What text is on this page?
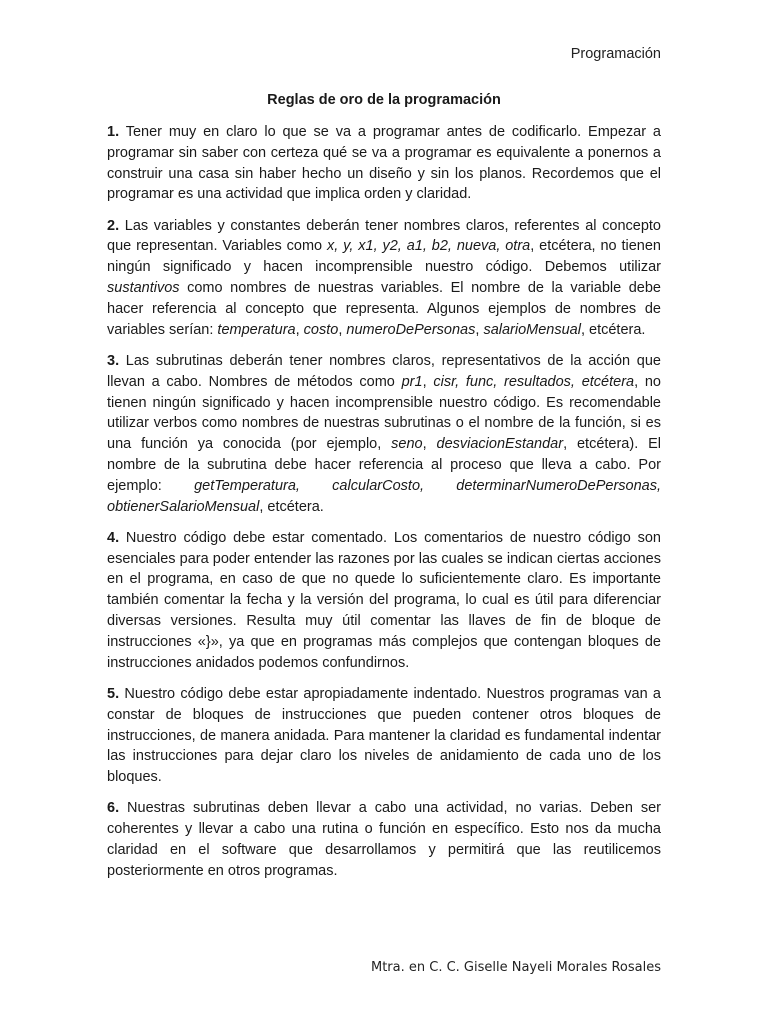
Programación
Reglas de oro de la programación

1. Tener muy en claro lo que se va a programar antes de codificarlo. Empezar a programar sin saber con certeza qué se va a programar es equivalente a ponernos a construir una casa sin haber hecho un diseño y sin los planos. Recordemos que el programar es una actividad que implica orden y claridad.

2. Las variables y constantes deberán tener nombres claros, referentes al concepto que representan. Variables como x, y, x1, y2, a1, b2, nueva, otra, etcétera, no tienen ningún significado y hacen incomprensible nuestro código. Debemos utilizar sustantivos como nombres de nuestras variables. El nombre de la variable debe hacer referencia al concepto que representa. Algunos ejemplos de nombres de variables serían: temperatura, costo, numeroDePersonas, salarioMensual, etcétera.

3. Las subrutinas deberán tener nombres claros, representativos de la acción que llevan a cabo. Nombres de métodos como pr1, cisr, func, resultados, etcétera, no tienen ningún significado y hacen incomprensible nuestro código. Es recomendable utilizar verbos como nombres de nuestras subrutinas o el nombre de la función, si es una función ya conocida (por ejemplo, seno, desviacionEstandar, etcétera). El nombre de la subrutina debe hacer referencia al proceso que lleva a cabo. Por ejemplo: getTemperatura, calcularCosto, determinarNumeroDePersonas, obtienerSalarioMensual, etcétera.

4. Nuestro código debe estar comentado. Los comentarios de nuestro código son esenciales para poder entender las razones por las cuales se indican ciertas acciones en el programa, en caso de que no quede lo suficientemente claro. Es importante también comentar la fecha y la versión del programa, lo cual es útil para diferenciar diversas versiones. Resulta muy útil comentar las llaves de fin de bloque de instrucciones «}», ya que en programas más complejos que contengan bloques de instrucciones anidados podemos confundirnos.

5. Nuestro código debe estar apropiadamente indentado. Nuestros programas van a constar de bloques de instrucciones que pueden contener otros bloques de instrucciones, de manera anidada. Para mantener la claridad es fundamental indentar las instrucciones para dejar claro los niveles de anidamiento de cada uno de los bloques.

6. Nuestras subrutinas deben llevar a cabo una actividad, no varias. Deben ser coherentes y llevar a cabo una rutina o función en específico. Esto nos da mucha claridad en el software que desarrollamos y permitirá que las reutilicemos posteriormente en otros programas.

Mtra. en C. C. Giselle Nayeli Morales Rosales
